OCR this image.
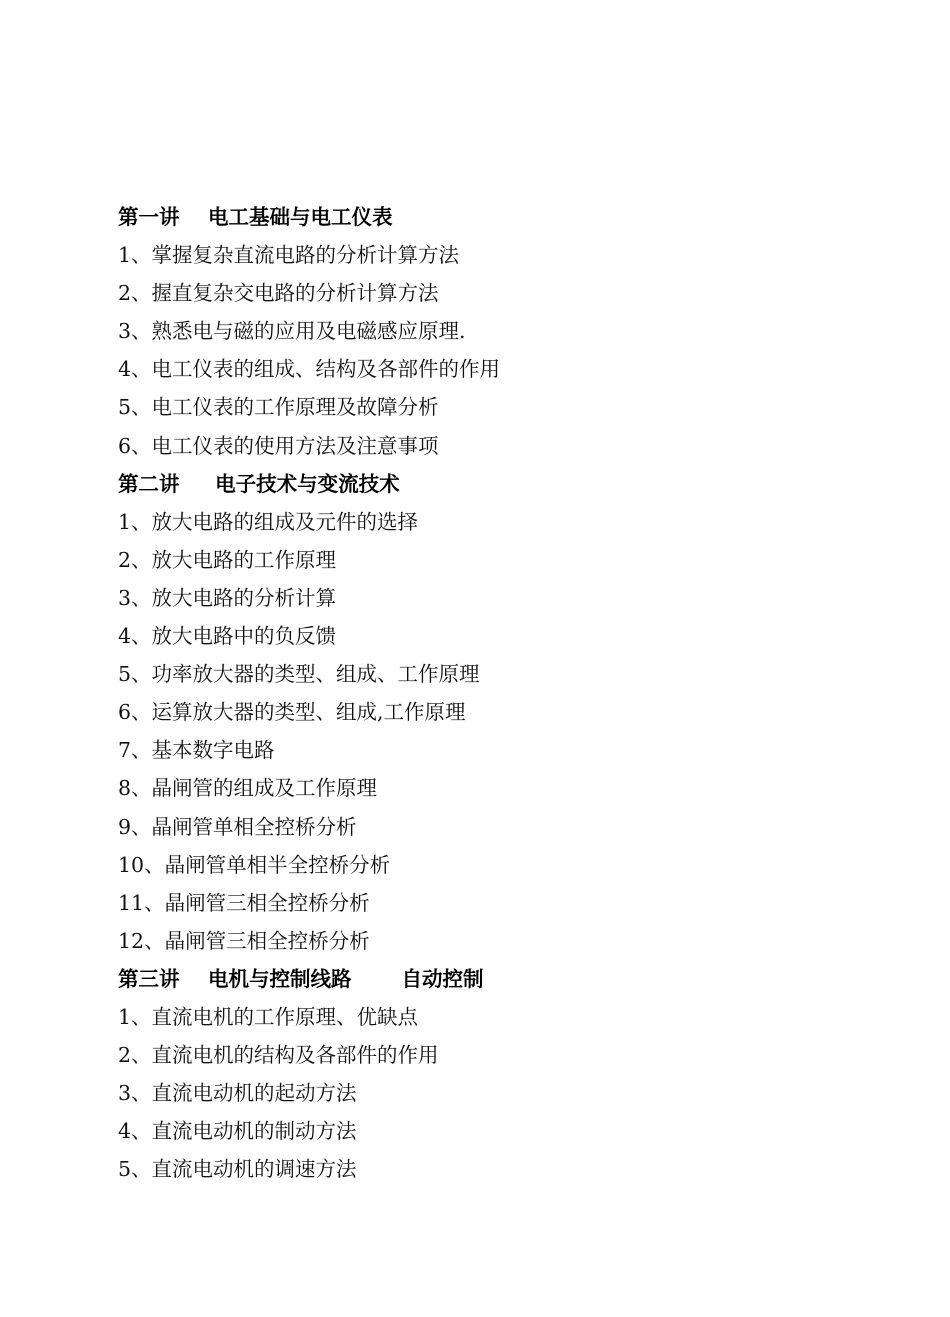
第一讲    电工基础与电工仪表
1、掌握复杂直流电路的分析计算方法
2、握直复杂交电路的分析计算方法
3、熟悉电与磁的应用及电磁感应原理.
4、电工仪表的组成、结构及各部件的作用
5、电工仪表的工作原理及故障分析
6、电工仪表的使用方法及注意事项
第二讲     电子技术与变流技术
1、放大电路的组成及元件的选择
2、放大电路的工作原理
3、放大电路的分析计算
4、放大电路中的负反馈
5、功率放大器的类型、组成、工作原理
6、运算放大器的类型、组成,工作原理
7、基本数字电路
8、晶闸管的组成及工作原理
9、晶闸管单相全控桥分析
10、晶闸管单相半全控桥分析
11、晶闸管三相全控桥分析
12、晶闸管三相全控桥分析
第三讲    电机与控制线路       自动控制
1、直流电机的工作原理、优缺点
2、直流电机的结构及各部件的作用
3、直流电动机的起动方法
4、直流电动机的制动方法
5、直流电动机的调速方法
